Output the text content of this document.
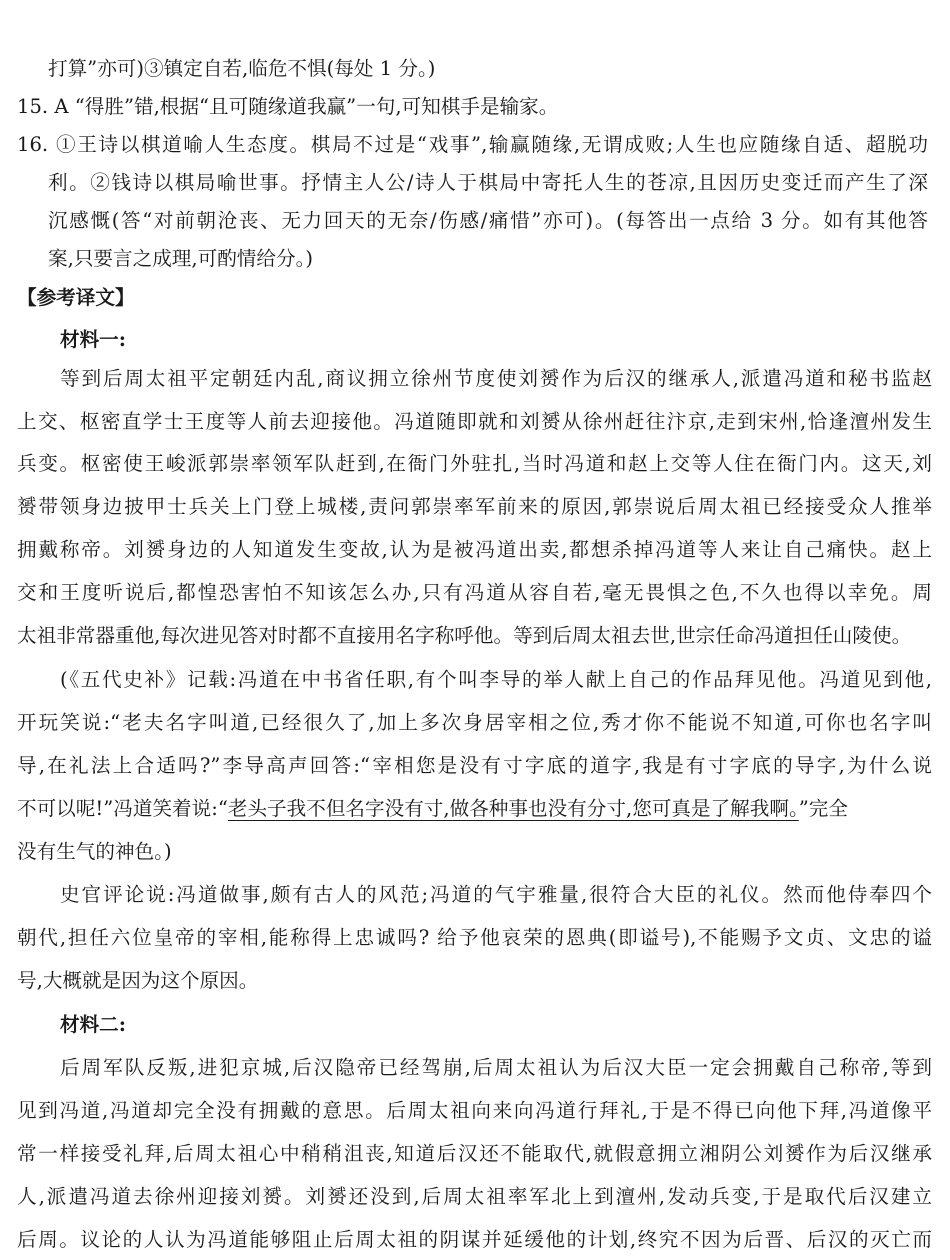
打算”亦可)③镇定自若,临危不惧(每处 1 分。)
15. A “得胜”错,根据“且可随缘道我赢”一句,可知棋手是输家。
16. ①王诗以棋道喻人生态度。棋局不过是“戏事”,输赢随缘,无谓成败;人生也应随缘自适、超脱功
利。②钱诗以棋局喻世事。抒情主人公/诗人于棋局中寄托人生的苍凉,且因历史变迁而产生了深
沉感慨(答“对前朝沧丧、无力回天的无奈/伤感/痛惜”亦可)。(每答出一点给 3 分。如有其他答
案,只要言之成理,可酌情给分。)
【参考译文】
材料一:
等到后周太祖平定朝廷内乱,商议拥立徐州节度使刘赟作为后汉的继承人,派遣冯道和秘书监赵
上交、枢密直学士王度等人前去迎接他。冯道随即就和刘赟从徐州赶往汴京,走到宋州,恰逢澶州发生
兵变。枢密使王峻派郭崇率领军队赶到,在衙门外驻扎,当时冯道和赵上交等人住在衙门内。这天,刘
赟带领身边披甲士兵关上门登上城楼,责问郭崇率军前来的原因,郭崇说后周太祖已经接受众人推举
拥戴称帝。刘赟身边的人知道发生变故,认为是被冯道出卖,都想杀掉冯道等人来让自己痛快。赵上
交和王度听说后,都惶恐害怕不知该怎么办,只有冯道从容自若,毫无畏惧之色,不久也得以幸免。周
太祖非常器重他,每次进见答对时都不直接用名字称呼他。等到后周太祖去世,世宗任命冯道担任山陵使。
(《五代史补》记载:冯道在中书省任职,有个叫李导的举人献上自己的作品拜见他。冯道见到他,
开玩笑说:“老夫名字叫道,已经很久了,加上多次身居宰相之位,秀才你不能说不知道,可你也名字叫
导,在礼法上合适吗?”李导高声回答:“宰相您是没有寸字底的道字,我是有寸字底的导字,为什么说
不可以呢!”冯道笑着说:“老头子我不但名字没有寸,做各种事也没有分寸,您可真是了解我啊。”完全
没有生气的神色。)
史官评论说:冯道做事,颇有古人的风范;冯道的气宇雅量,很符合大臣的礼仪。然而他侍奉四个
朝代,担任六位皇帝的宰相,能称得上忠诚吗? 给予他哀荣的恩典(即谥号),不能赐予文贞、文忠的谥
号,大概就是因为这个原因。
材料二:
后周军队反叛,进犯京城,后汉隐帝已经驾崩,后周太祖认为后汉大臣一定会拥戴自己称帝,等到
见到冯道,冯道却完全没有拥戴的意思。后周太祖向来向冯道行拜礼,于是不得已向他下拜,冯道像平
常一样接受礼拜,后周太祖心中稍稍沮丧,知道后汉还不能取代,就假意拥立湘阴公刘赟作为后汉继承
人,派遣冯道去徐州迎接刘赟。刘赟还没到,后周太祖率军北上到澶州,发动兵变,于是取代后汉建立
后周。议论的人认为冯道能够阻止后周太祖的阴谋并延缓他的计划,终究不因为后晋、后汉的灭亡而
